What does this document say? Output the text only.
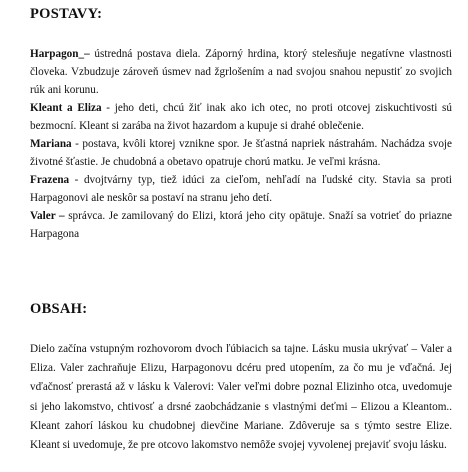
POSTAVY:

Harpagon_– ústredná postava diela. Záporný hrdina, ktorý stelesňuje negatívne vlastnosti človeka. Vzbudzuje zároveň úsmev nad žgrlošením a nad svojou snahou nepustiť zo svojich rúk ani korunu.

Kleant a Eliza - jeho deti, chcú žiť inak ako ich otec, no proti otcovej ziskuchtivosti sú bezmocní. Kleant si zarába na život hazardom a kupuje si drahé oblečenie.

Mariana - postava, kvôli ktorej vznikne spor. Je šťastná napriek nástrahám. Nachádza svoje životné šťastie. Je chudobná a obetavo opatruje chorú matku. Je veľmi krásna.

Frazena - dvojtvárny typ, tiež idúci za cieľom, nehľadí na ľudské city. Stavia sa proti Harpagonovi ale neskôr sa postaví na stranu jeho detí.

Valer – správca. Je zamilovaný do Elizi, ktorá jeho city opätuje. Snaží sa votrieť do priazne Harpagona

OBSAH:

Dielo začína vstupným rozhovorom dvoch ľúbiacich sa tajne. Lásku musia ukrývať – Valer a Eliza. Valer zachraňuje Elizu, Harpagonovu dcéru pred utopením, za čo mu je vďačná. Jej vďačnosť prerastá až v lásku k Valerovi: Valer veľmi dobre poznal Elizinho otca, uvedomuje si jeho lakomstvo, chtivosť a drsné zaobchádzanie s vlastnými deťmi – Elizou a Kleantom.. Kleant zahorí láskou ku chudobnej dievčine Mariane. Zdôveruje sa s týmto sestre Elize. Kleant si uvedomuje, že pre otcovo lakomstvo nemôže svojej vyvolenej prejaviť svoju lásku.
